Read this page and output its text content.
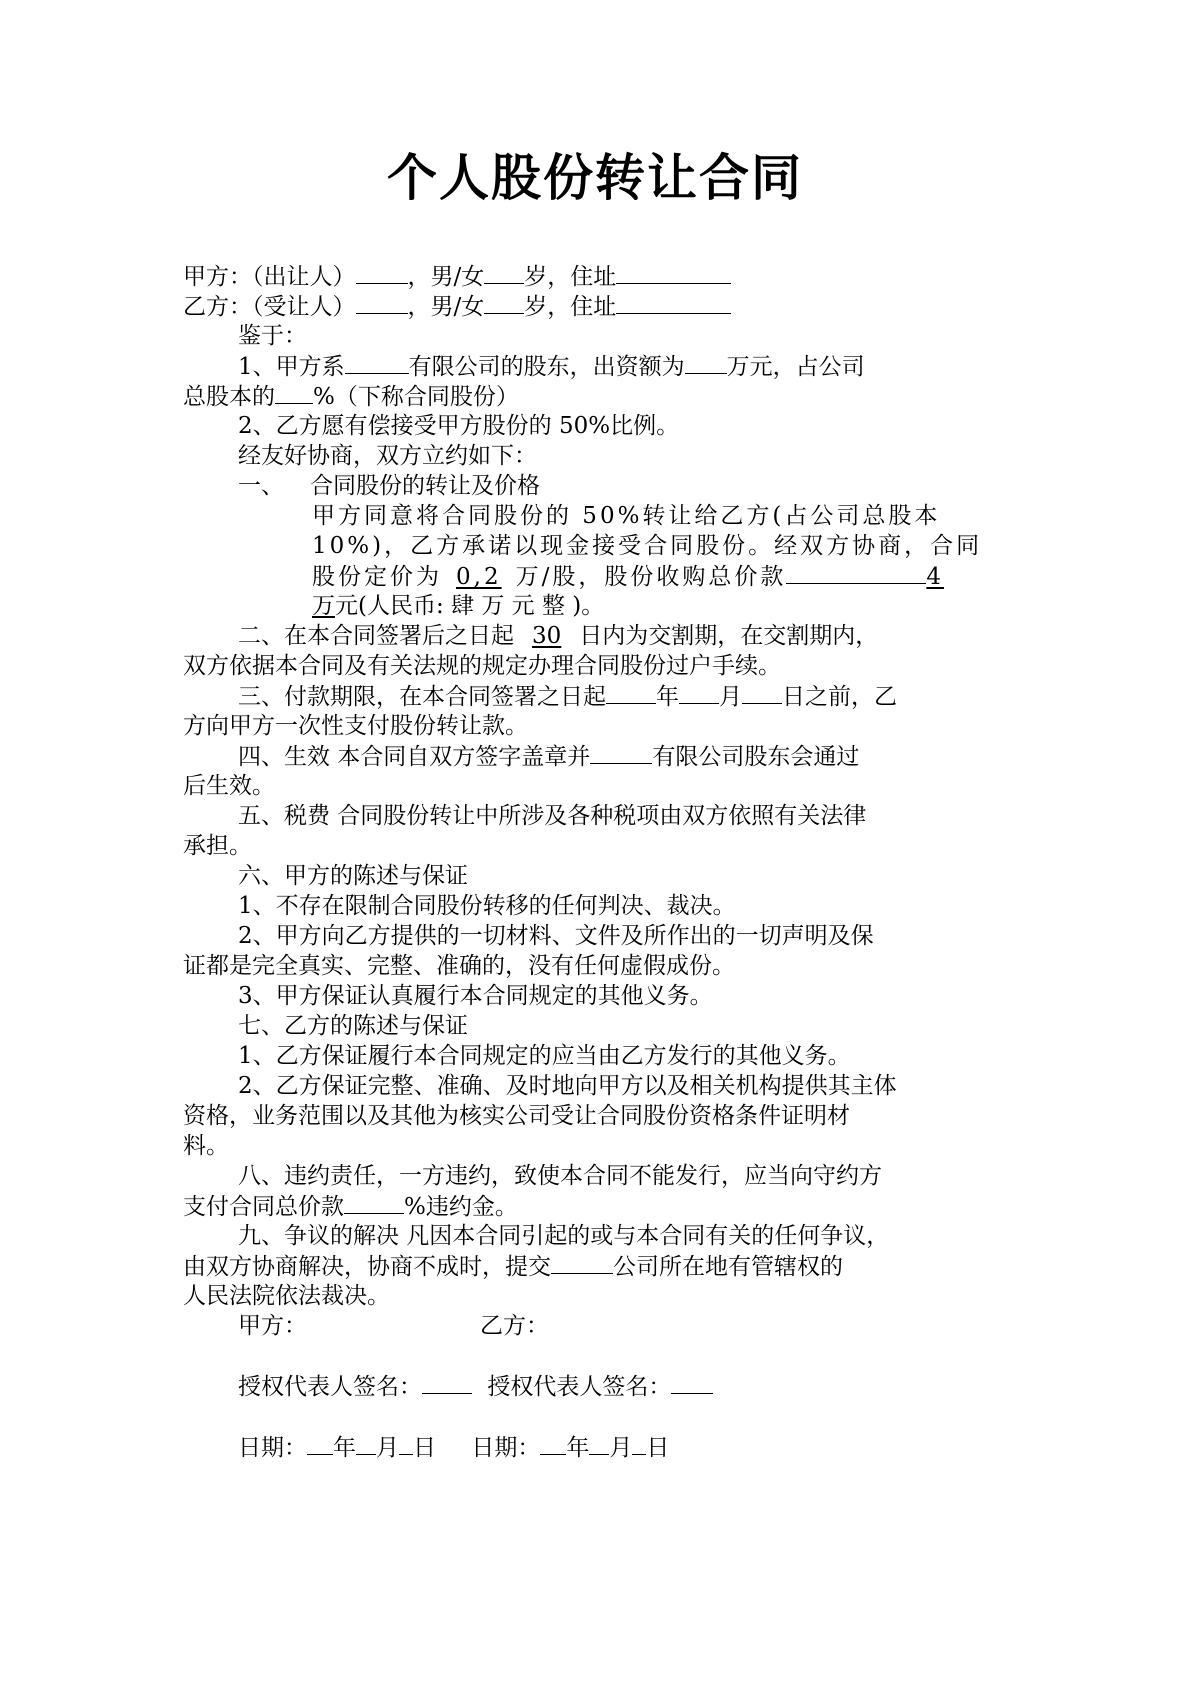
个人股份转让合同
甲方：（出让人） ，男/女 岁，住址
乙方：（受让人） ，男/女 岁，住址
鉴于：
1、甲方系	有限公司的股东，出资额为 万元，占公司
总股本的 %（下称合同股份）
2、乙方愿有偿接受甲方股份的 50%比例。
经友好协商，双方立约如下：
一、 合同股份的转让及价格
甲方同意将合同股份的 50%转让给乙方(占公司总股本
10%)，乙方承诺以现金接受合同股份。经双方协商，合同
股份定价为 0,2 万/股，股份收购总价款	4
万元(人民币: 肆 万 元 整 )。
二、在本合同签署后之日起 30 日内为交割期，在交割期内，
双方依据本合同及有关法规的规定办理合同股份过户手续。
三、付款期限，在本合同签署之日起 年 月 日之前，乙
方向甲方一次性支付股份转让款。
四、生效 本合同自双方签字盖章并	有限公司股东会通过
后生效。
五、税费 合同股份转让中所涉及各种税项由双方依照有关法律
承担。
六、甲方的陈述与保证
1、不存在限制合同股份转移的任何判决、裁决。
2、甲方向乙方提供的一切材料、文件及所作出的一切声明及保
证都是完全真实、完整、准确的，没有任何虚假成份。
3、甲方保证认真履行本合同规定的其他义务。
七、乙方的陈述与保证
1、乙方保证履行本合同规定的应当由乙方发行的其他义务。
2、乙方保证完整、准确、及时地向甲方以及相关机构提供其主体
资格，业务范围以及其他为核实公司受让合同股份资格条件证明材
料。
八、违约责任，一方违约，致使本合同不能发行，应当向守约方
支付合同总价款	%违约金。
九、争议的解决 凡因本合同引起的或与本合同有关的任何争议，
由双方协商解决，协商不成时，提交	公司所在地有管辖权的
人民法院依法裁决。
甲方：	乙方：
授权代表人签名：	授权代表人签名：
日期： 年 月 日 日期： 年 月 日
